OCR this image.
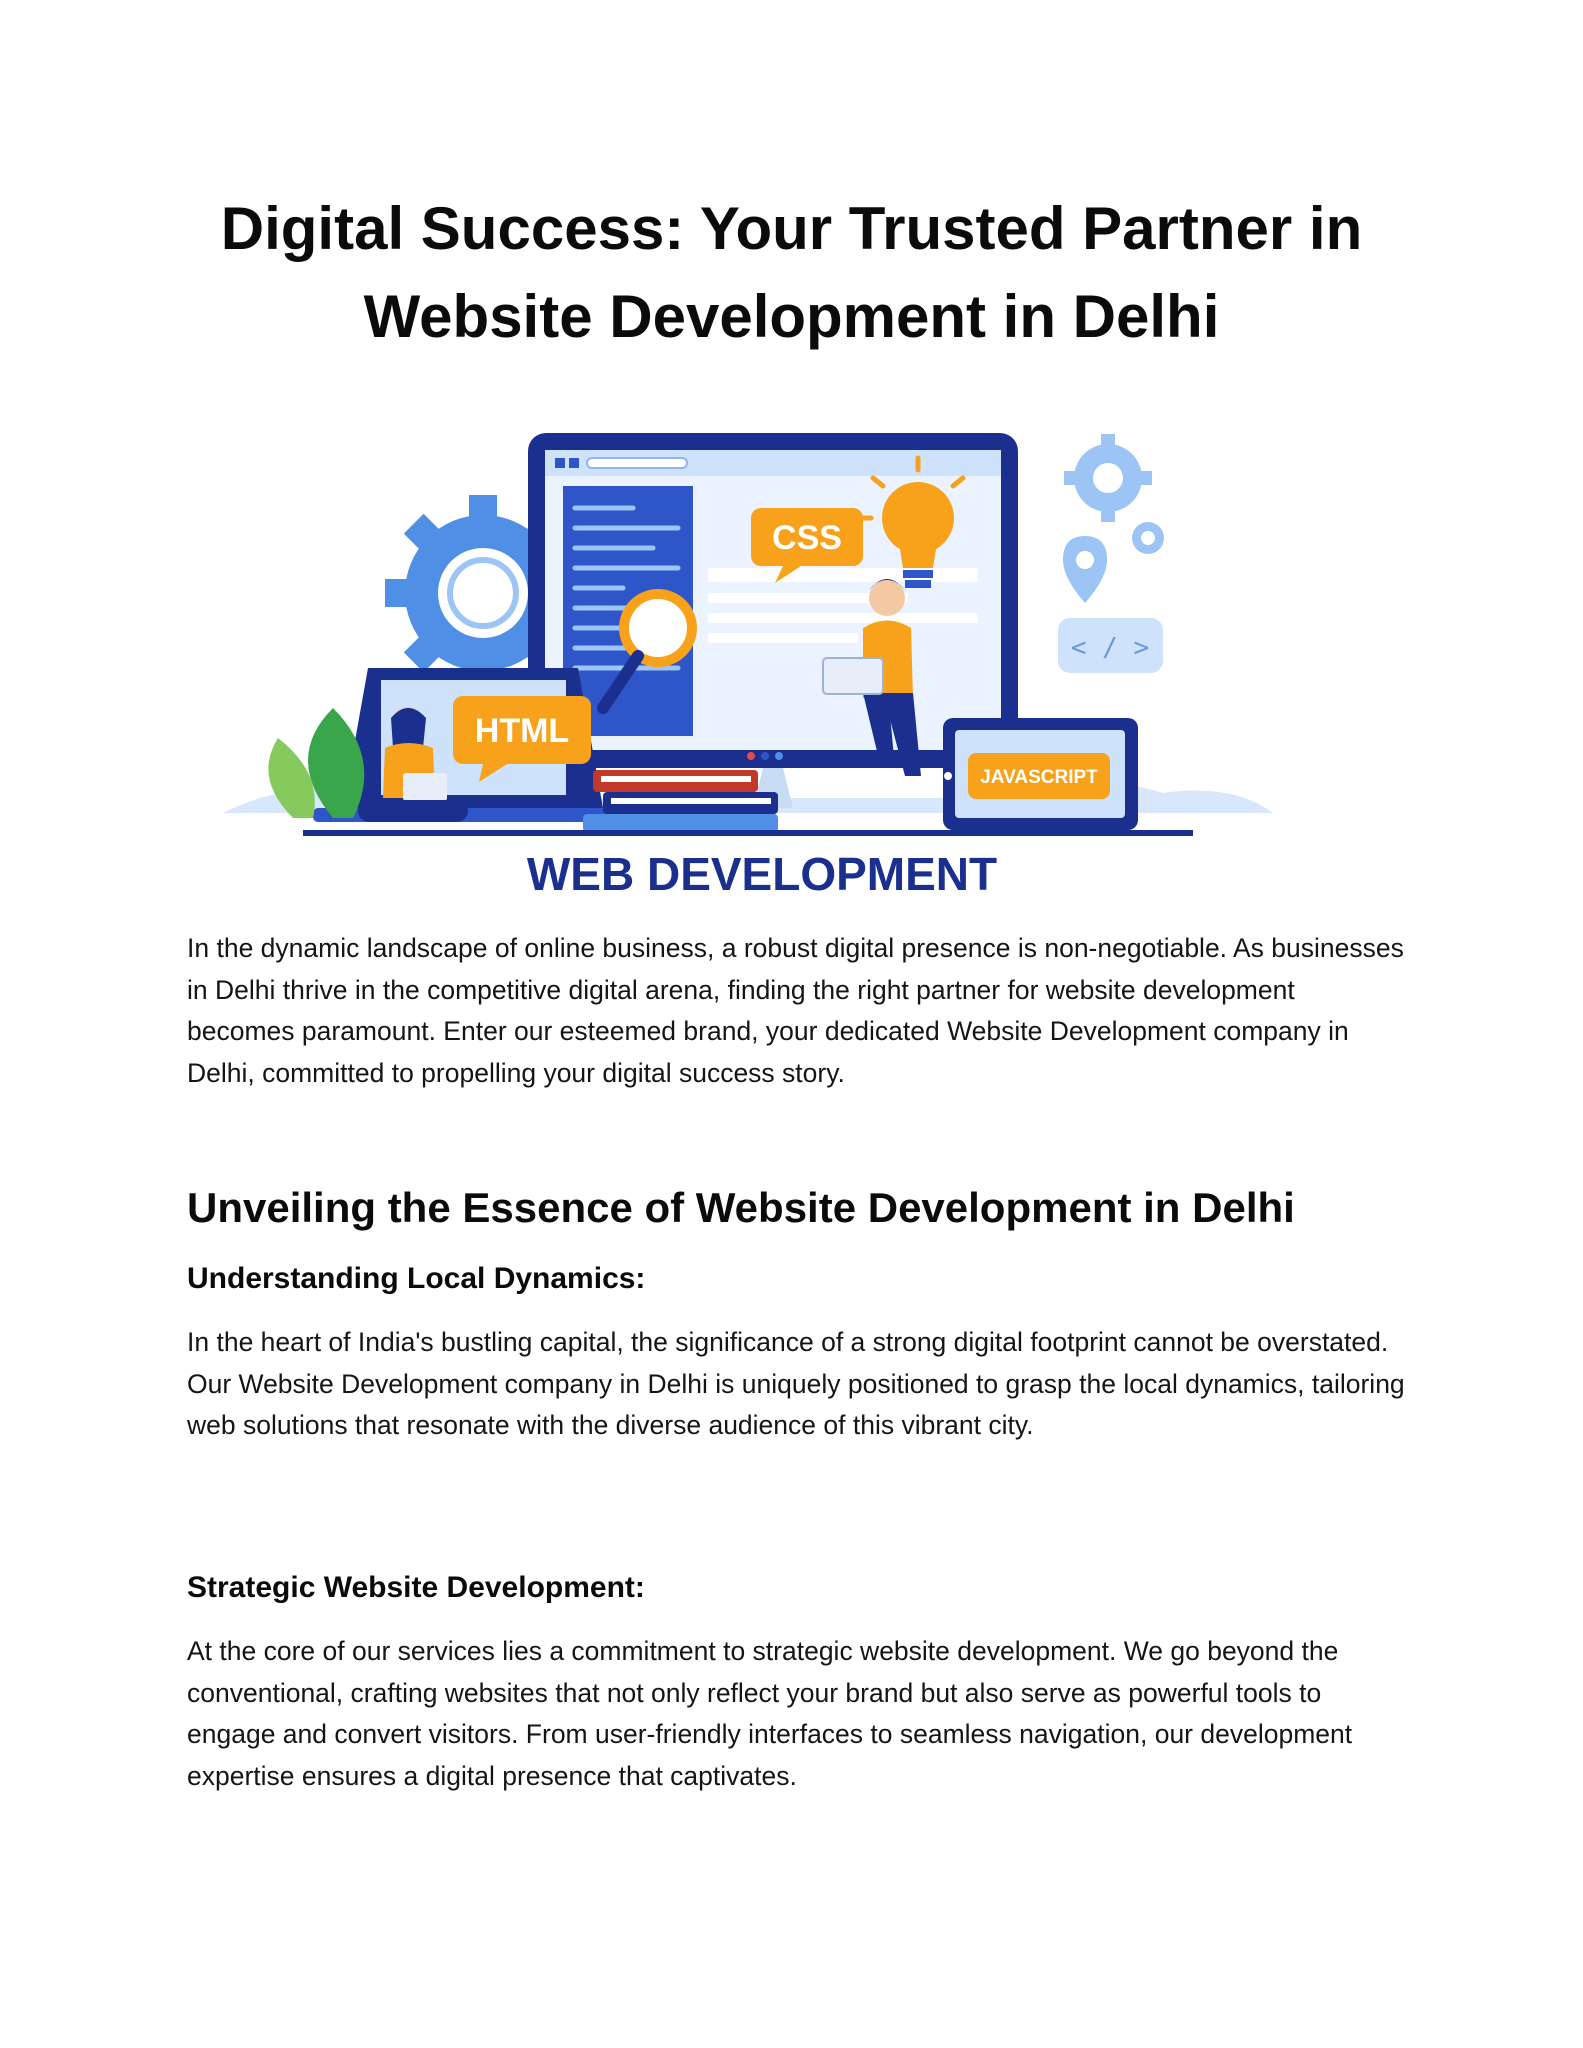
Digital Success: Your Trusted Partner in Website Development in Delhi
CSS
HTML
JAVASCRIPT
< / >
WEB DEVELOPMENT

In the dynamic landscape of online business, a robust digital presence is non-negotiable. As businesses in Delhi thrive in the competitive digital arena, finding the right partner for website development becomes paramount. Enter our esteemed brand, your dedicated Website Development company in Delhi, committed to propelling your digital success story.

Unveiling the Essence of Website Development in Delhi
Understanding Local Dynamics:

In the heart of India's bustling capital, the significance of a strong digital footprint cannot be overstated. Our Website Development company in Delhi is uniquely positioned to grasp the local dynamics, tailoring web solutions that resonate with the diverse audience of this vibrant city.

Strategic Website Development:

At the core of our services lies a commitment to strategic website development. We go beyond the conventional, crafting websites that not only reflect your brand but also serve as powerful tools to engage and convert visitors. From user-friendly interfaces to seamless navigation, our development expertise ensures a digital presence that captivates.
